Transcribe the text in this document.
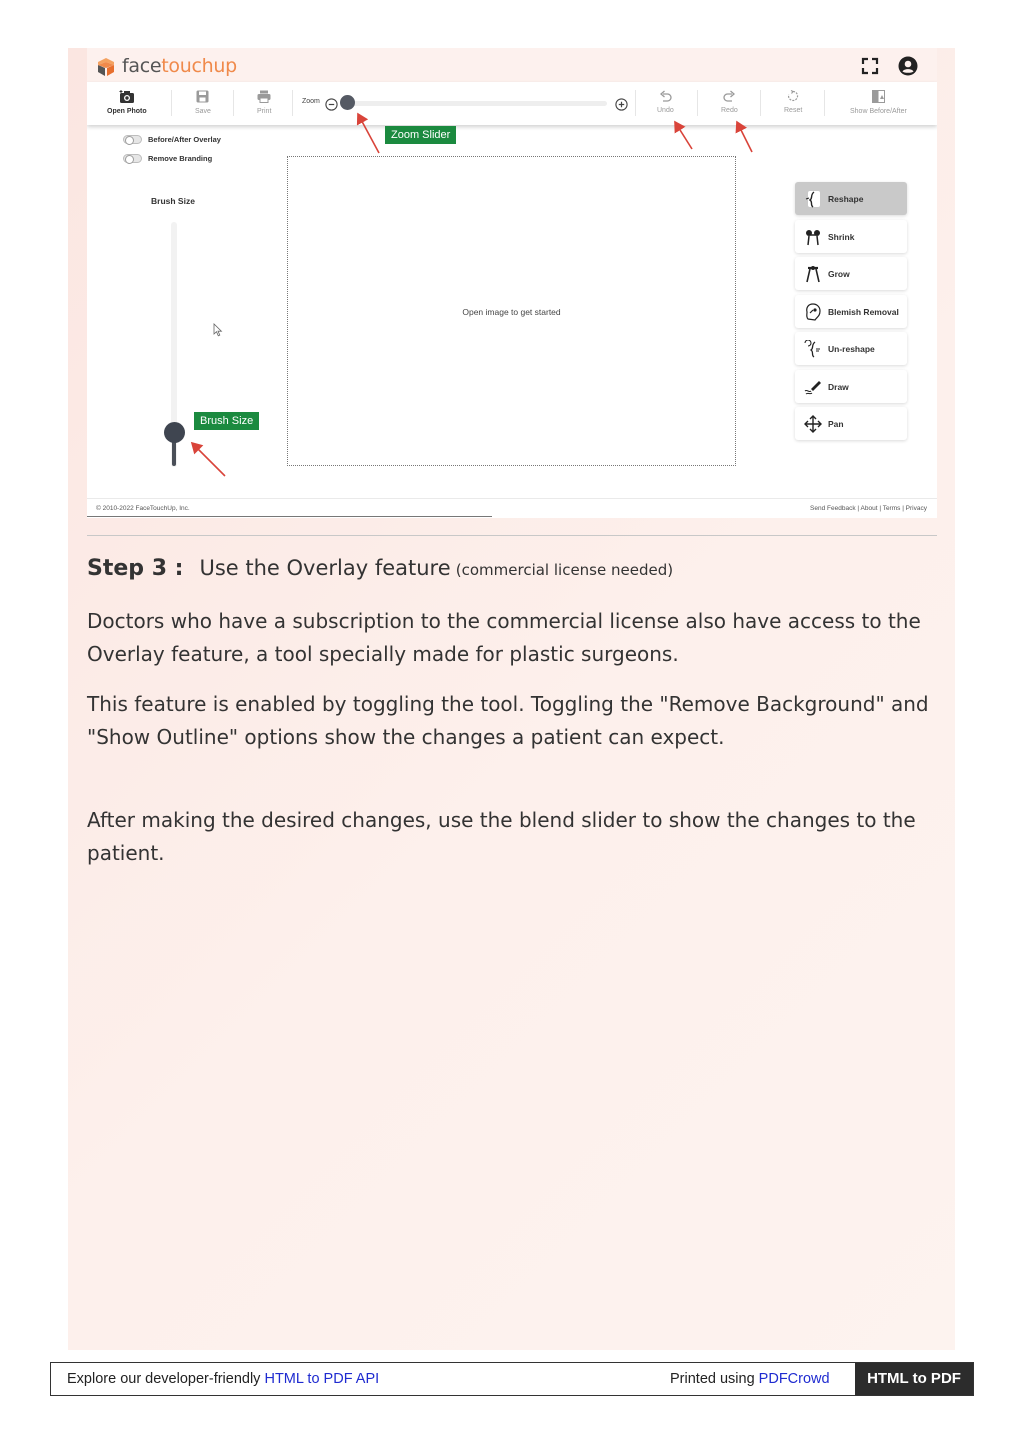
facetouchup
Open Photo	Save	Print
Zoom
Undo	Redo	Reset	Show Before/After
Before/After Overlay
Remove Branding
Brush Size
Open image to get started
Reshape
Shrink
Grow
Blemish Removal
Un-reshape
Draw
Pan
© 2010-2022 FaceTouchUp, Inc.	Send Feedback | About | Terms | Privacy
Zoom Slider
Brush Size
Step 3 : Use the Overlay feature (commercial license needed)

Doctors who have a subscription to the commercial license also have access to the Overlay feature, a tool specially made for plastic surgeons.

This feature is enabled by toggling the tool. Toggling the "Remove Background" and "Show Outline" options show the changes a patient can expect.

After making the desired changes, use the blend slider to show the changes to the patient.

Explore our developer-friendly HTML to PDF API	Printed using PDFCrowd	HTML to PDF
